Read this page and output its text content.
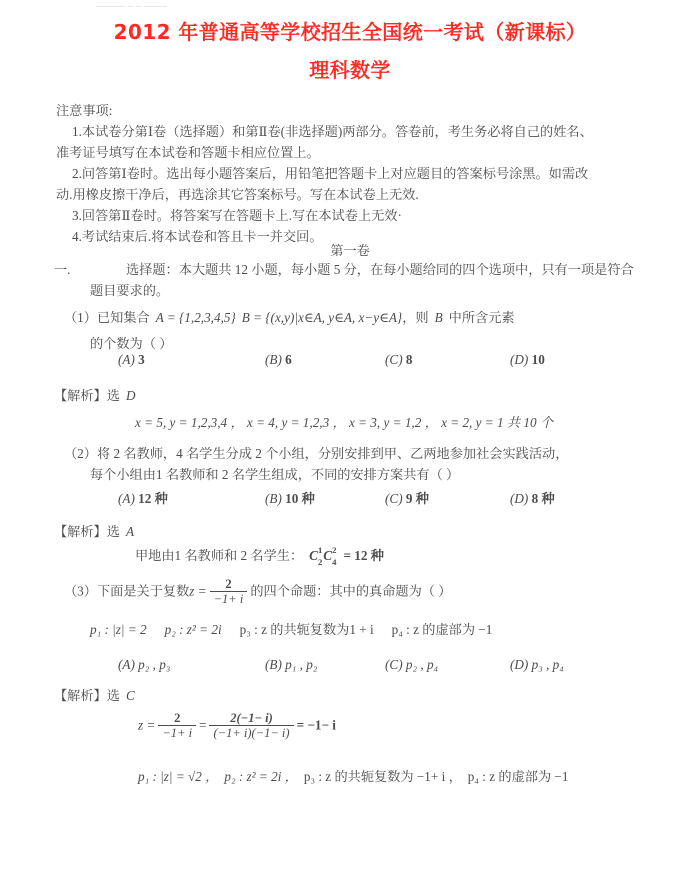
▁▁▁▁▁ ▁ ▁ ▁▁▁▁
2012 年普通高等学校招生全国统一考试（新课标）
理科数学
注意事项:
1.本试卷分第Ⅰ卷（选择题）和第Ⅱ卷(非选择题)两部分。答卷前，考生务必将自己的姓名、
准考证号填写在本试卷和答题卡相应位置上。
2.问答第Ⅰ卷时。选出每小题答案后，用铅笔把答题卡上对应题目的答案标号涂黑。如需改
动.用橡皮擦干净后，再选涂其它答案标号。写在本试卷上无效.
3.回答第Ⅱ卷时。将答案写在答题卡上.写在本试卷上无效·
4.考试结束后.将本试卷和答且卡一并交回。
第一卷
一.	选择题：本大题共 12 小题，每小题 5 分，在每小题给同的四个选项中，只有一项是符合
题目要求的。
（1）已知集合 A = {1,2,3,4,5} B = {(x,y)|x∈A, y∈A, x−y∈A}，则 B 中所含元素
的个数为（ ）
(A) 3	(B) 6	(C) 8	(D) 10
【解析】选 D
x = 5, y = 1,2,3,4 ， x = 4, y = 1,2,3 ， x = 3, y = 1,2 ， x = 2, y = 1 共 10 个
（2）将 2 名教师，4 名学生分成 2 个小组，分别安排到甲、乙两地参加社会实践活动，
每个小组由1 名教师和 2 名学生组成，不同的安排方案共有（ ）
(A) 12 种	(B) 10 种	(C) 9 种	(D) 8 种
【解析】选 A
甲地由1 名教师和 2 名学生： C 1
2 C 2
4 = 12 种
（3）下面是关于复数$z = \frac{2}{-1+ i}$ 的四个命题：其中的真命题为（ ）
p₁ : |z| = 2 p₂ : z² = 2i p₃ : z 的共轭复数为1 + i p₄ : z 的虚部为 −1
(A) p₂ , p₃	(B) p₁ , p₂	(C) p₂ , p₄	(D) p₃ , p₄
【解析】选 C
$z = \frac{2}{-1+ i} = \frac{2(-1- i)}{(-1+ i)(-1- i)} = -1- i$
p₁ : |z| = √2 ， p₂ : z² = 2i ， p₃ : z 的共轭复数为 −1+ i ， p₄ : z 的虚部为 −1
